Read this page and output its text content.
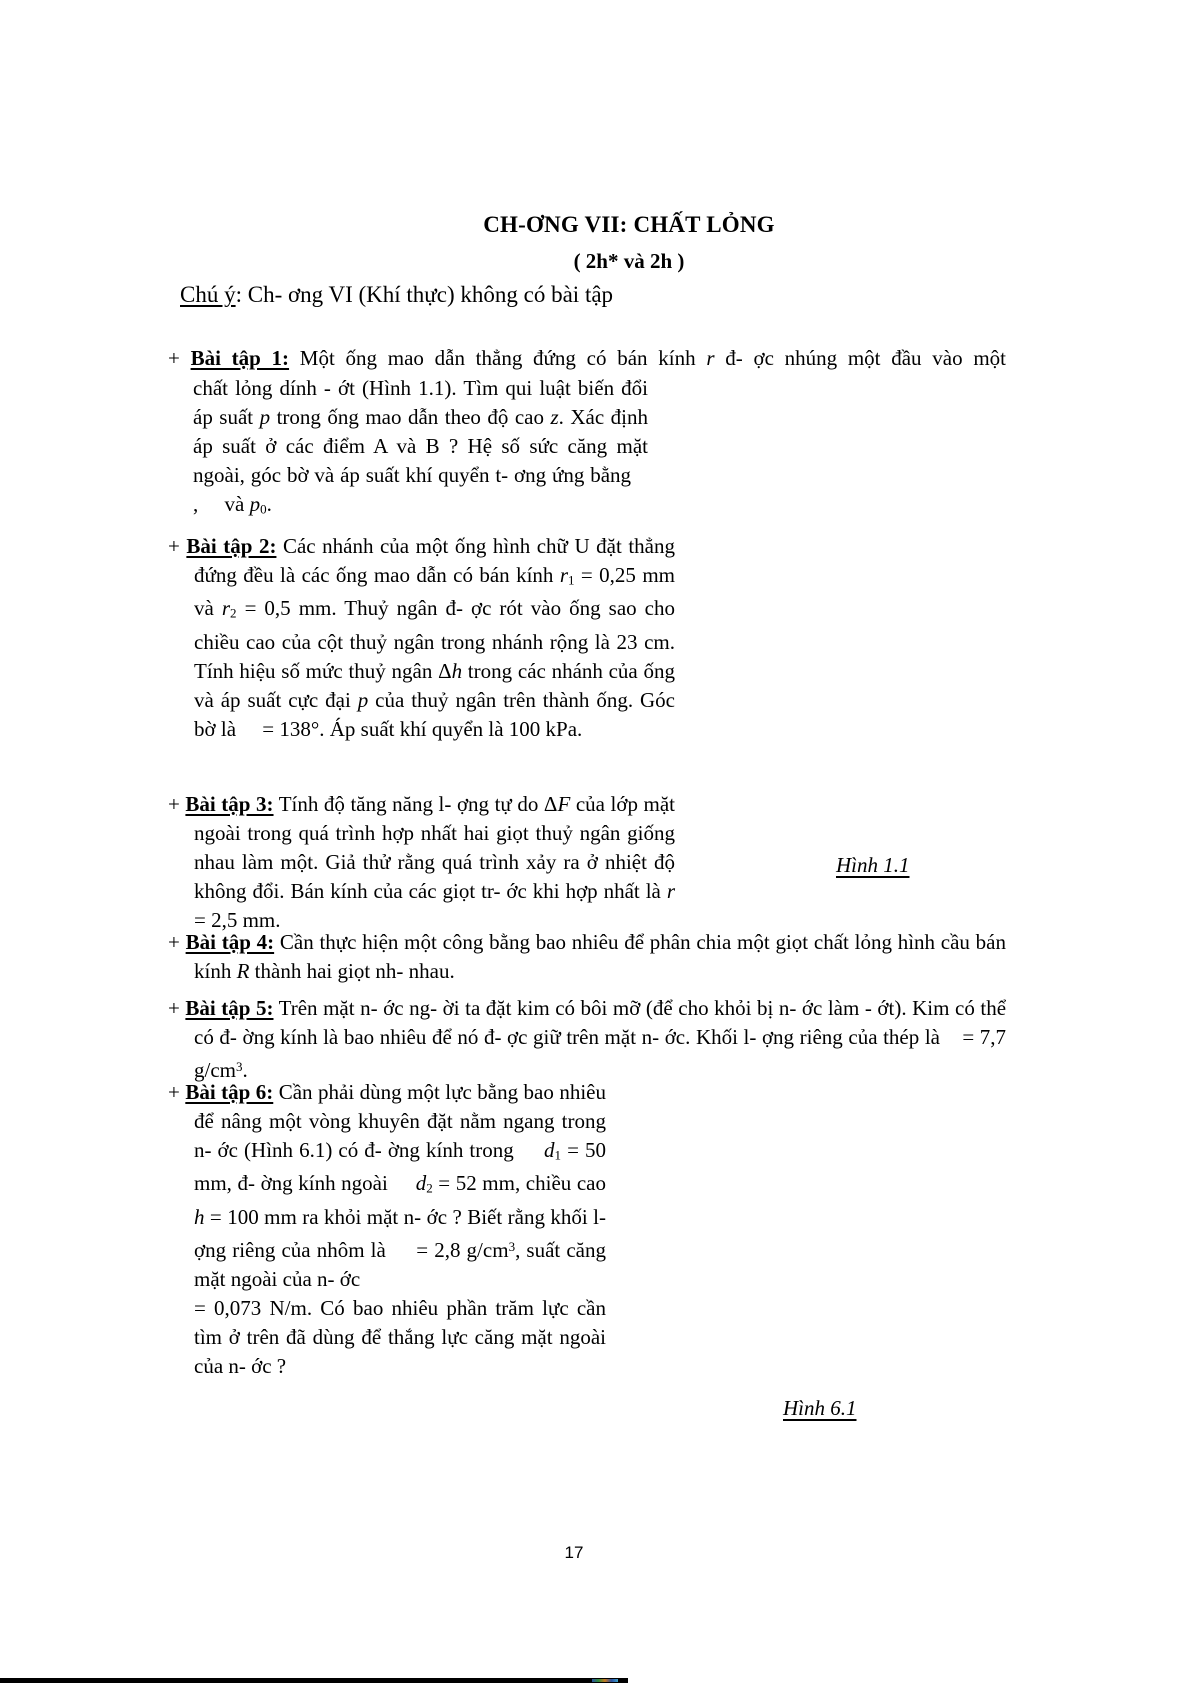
CH-ƠNG VII: CHẤT LỎNG
( 2h* và 2h )
Chú ý: Ch- ơng VI (Khí thực) không có bài tập
+ Bài tập 1: Một ống mao dẫn thẳng đứng có bán kính r đ- ợc nhúng một đầu vào một
chất lỏng dính - ớt (Hình 1.1). Tìm qui luật biến đổi áp suất p trong ống mao dẫn theo độ cao z. Xác định áp suất ở các điểm A và B ? Hệ số sức căng mặt ngoài, góc bờ và áp suất khí quyển t- ơng ứng bằng    ,     và p0.
+ Bài tập 2: Các nhánh của một ống hình chữ U đặt thẳng đứng đều là các ống mao dẫn có bán kính r1 = 0,25 mm và r2 = 0,5 mm. Thuỷ ngân đ- ợc rót vào ống sao cho chiều cao của cột thuỷ ngân trong nhánh rộng là 23 cm. Tính hiệu số mức thuỷ ngân Δh trong các nhánh của ống và áp suất cực đại p của thuỷ ngân trên thành ống. Góc bờ là     = 138°. Áp suất khí quyển là 100 kPa.
+ Bài tập 3: Tính độ tăng năng l- ợng tự do ΔF của lớp mặt ngoài trong quá trình hợp nhất hai giọt thuỷ ngân giống nhau làm một. Giả thử rằng quá trình xảy ra ở nhiệt độ không đổi. Bán kính của các giọt tr- ớc khi hợp nhất là r = 2,5 mm.
+ Bài tập 4: Cần thực hiện một công bằng bao nhiêu để phân chia một giọt chất lỏng hình cầu bán kính R thành hai giọt nh- nhau.
+ Bài tập 5: Trên mặt n- ớc ng- ời ta đặt kim có bôi mỡ (để cho khỏi bị n- ớc làm - ớt). Kim có thể có đ- ờng kính là bao nhiêu để nó đ- ợc giữ trên mặt n- ớc. Khối l- ợng riêng của thép là    = 7,7 $g/cm^3$.
+ Bài tập 6: Cần phải dùng một lực bằng bao nhiêu để nâng một vòng khuyên đặt nằm ngang trong n- ớc (Hình 6.1) có đ- ờng kính trong     d1 = 50 mm, đ- ờng kính ngoài     d2 = 52 mm, chiều cao h = 100 mm ra khỏi mặt n- ớc ? Biết rằng khối l- ợng riêng của nhôm là     = 2,8 $g/cm^3$, suất căng mặt ngoài của n- ớc
= 0,073 N/m. Có bao nhiêu phần trăm lực cần tìm ở trên đã dùng để thắng lực căng mặt ngoài của n- ớc ?
Hình 1.1
Hình 6.1
17
